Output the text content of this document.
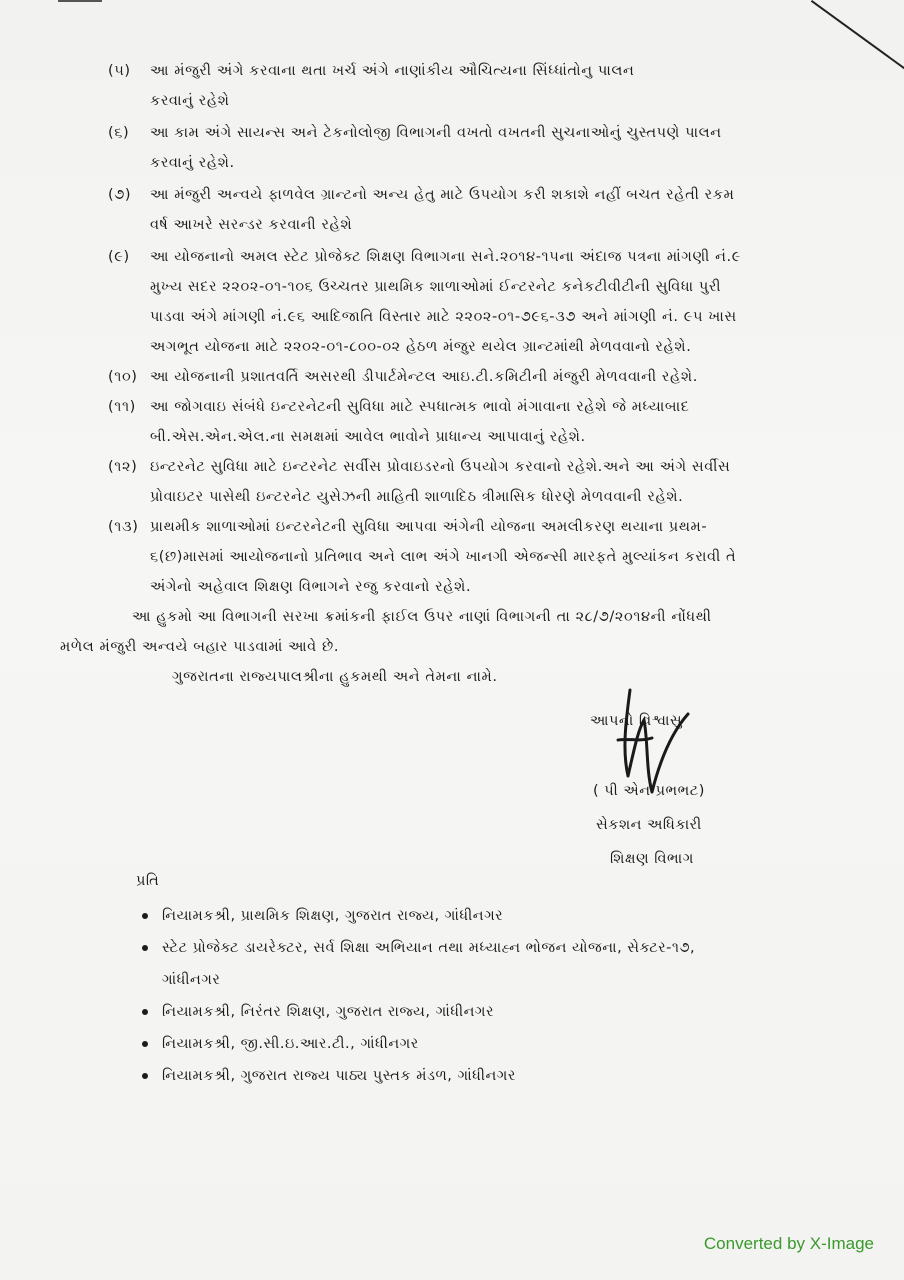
(૫) આ મંજુરી અંગે કરવાના થતા ખર્ચ અંગે નાણાંકીય ઔચિત્યના સિંધ્ધાંતોનુ પાલન
કરવાનું રહેશે
(૬) આ કામ અંગે સાયન્સ અને ટેકનોલોજી વિભાગની વખતો વખતની સુચનાઓનું ચુસ્તપણે પાલન
કરવાનું રહેશે.
(૭) આ મંજુરી અન્વયે ફાળવેલ ગ્રાન્ટનો અન્ય હેતુ માટે ઉપયોગ કરી શકાશે નહીં બચત રહેતી રકમ
વર્ષ આખરે સરન્ડર કરવાની રહેશે
(૯) આ યોજનાનો અમલ સ્ટેટ પ્રોજેક્ટ શિક્ષણ વિભાગના સને.૨૦૧૪-૧૫ના અંદાજ પત્રના માંગણી નં.૯
મુખ્ય સદર ૨૨૦૨-૦૧-૧૦૬ ઉચ્ચતર પ્રાથમિક શાળાઓમાં ઈન્ટરનેટ કનેકટીવીટીની સુવિધા પુરી
પાડવા અંગે માંગણી નં.૯૬ આદિજાતિ વિસ્તાર માટે ૨૨૦૨-૦૧-૭૯૬-૩૭ અને માંગણી નં. ૯૫ ખાસ
અગભૂત યોજના માટે ૨૨૦૨-૦૧-૮૦૦-૦૨ હેઠળ મંજુર થયેલ ગ્રાન્ટમાંથી મેળવવાનો રહેશે.
(૧૦) આ યોજનાની પ્રશાતવર્તિ અસરથી ડીપાર્ટમેન્ટલ આઇ.ટી.કમિટીની મંજુરી મેળવવાની રહેશે.
(૧૧) આ જોગવાઇ સંબંધે ઇન્ટરનેટની સુવિધા માટે સ્પધાત્મક ભાવો મંગાવાના રહેશે જે મધ્યાબાદ
બી.એસ.એન.એલ.ના સમક્ષમાં આવેલ ભાવોને પ્રાધાન્ય આપાવાનું રહેશે.
(૧૨) ઇન્ટરનેટ સુવિધા માટે ઇન્ટરનેટ સર્વીસ પ્રોવાઇડરનો ઉપયોગ કરવાનો રહેશે.અને આ અંગે સર્વીસ
પ્રોવાઇટર પાસેથી ઇન્ટરનેટ યુસેઝની માહિતી શાળાદિઠ ત્રીમાસિક ધોરણે મેળવવાની રહેશે.
(૧૩) પ્રાથમીક શાળાઓમાં ઇન્ટરનેટની સુવિધા આપવા અંગેની યોજના અમલીકરણ થયાના પ્રથમ-
૬(છ)માસમાં આયોજનાનો પ્રતિભાવ અને લાભ અંગે ખાનગી એજન્સી મારફતે મુલ્યાંકન કરાવી તે
અંગેનો અહેવાલ શિક્ષણ વિભાગને રજુ કરવાનો રહેશે.
આ હુકમો આ વિભાગની સરખા ક્રમાંકની ફાઈલ ઉપર નાણાં વિભાગની તા ૨૮/૭/૨૦૧૪ની નોંધથી
મળેલ મંજુરી અન્વયે બહાર પાડવામાં આવે છે.
ગુજરાતના રાજ્યપાલશ્રીના હુકમથી અને તેમના નામે.
આપનો વિશ્વાસુ
( પી એન પ્રભભટ)
સેકશન અધિકારી
શિક્ષણ વિભાગ
પ્રતિ
નિયામકશ્રી, પ્રાથમિક શિક્ષણ, ગુજરાત રાજ્ય, ગાંધીનગર
સ્ટેટ પ્રોજેક્ટ ડાયરેક્ટર, સર્વ શિક્ષા અભિયાન તથા મધ્યાહ્ન ભોજન યોજના, સેક્ટર-૧૭,
ગાંધીનગર
નિયામકશ્રી, નિરંતર શિક્ષણ, ગુજરાત રાજ્ય, ગાંધીનગર
નિયામકશ્રી, જી.સી.ઇ.આર.ટી., ગાંધીનગર
નિયામકશ્રી, ગુજરાત રાજ્ય પાઠ્ય પુસ્તક મંડળ, ગાંધીનગર
Converted by X-Image
